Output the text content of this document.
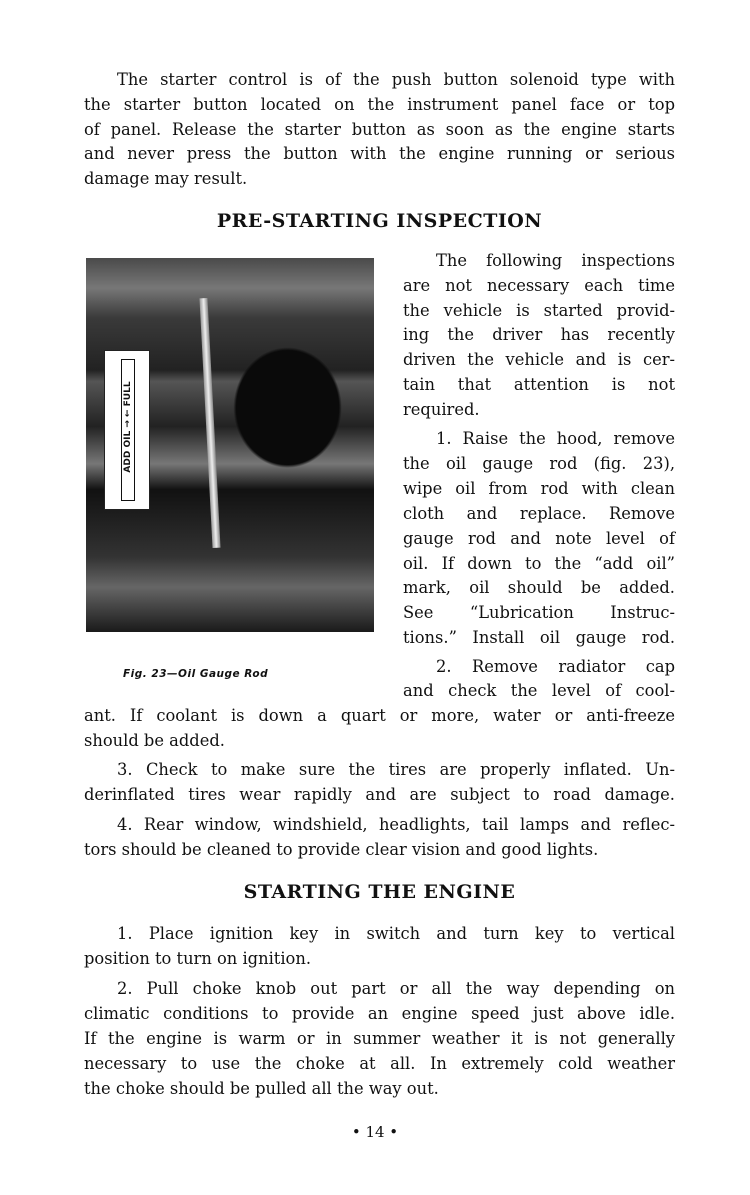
The starter control is of the push button solenoid type with
the starter button located on the instrument panel face or top
of panel. Release the starter button as soon as the engine starts
and never press the button with the engine running or serious
damage may result.
PRE-STARTING INSPECTION
ADD OIL → ← FULL
Fig. 23—Oil Gauge Rod
The following inspections
are not necessary each time
the vehicle is started provid-
ing the driver has recently
driven the vehicle and is cer-
tain that attention is not
required.
1. Raise the hood, remove
the oil gauge rod (fig. 23),
wipe oil from rod with clean
cloth and replace. Remove
gauge rod and note level of
oil. If down to the “add oil”
mark, oil should be added.
See “Lubrication Instruc-
tions.” Install oil gauge rod.
2. Remove radiator cap
and check the level of cool-
ant. If coolant is down a quart or more, water or anti-freeze
should be added.
3. Check to make sure the tires are properly inflated. Un-
derinflated tires wear rapidly and are subject to road damage.
4. Rear window, windshield, headlights, tail lamps and reflec-
tors should be cleaned to provide clear vision and good lights.
STARTING THE ENGINE
1. Place ignition key in switch and turn key to vertical
position to turn on ignition.
2. Pull choke knob out part or all the way depending on
climatic conditions to provide an engine speed just above idle.
If the engine is warm or in summer weather it is not generally
necessary to use the choke at all. In extremely cold weather
the choke should be pulled all the way out.
• 14 •
